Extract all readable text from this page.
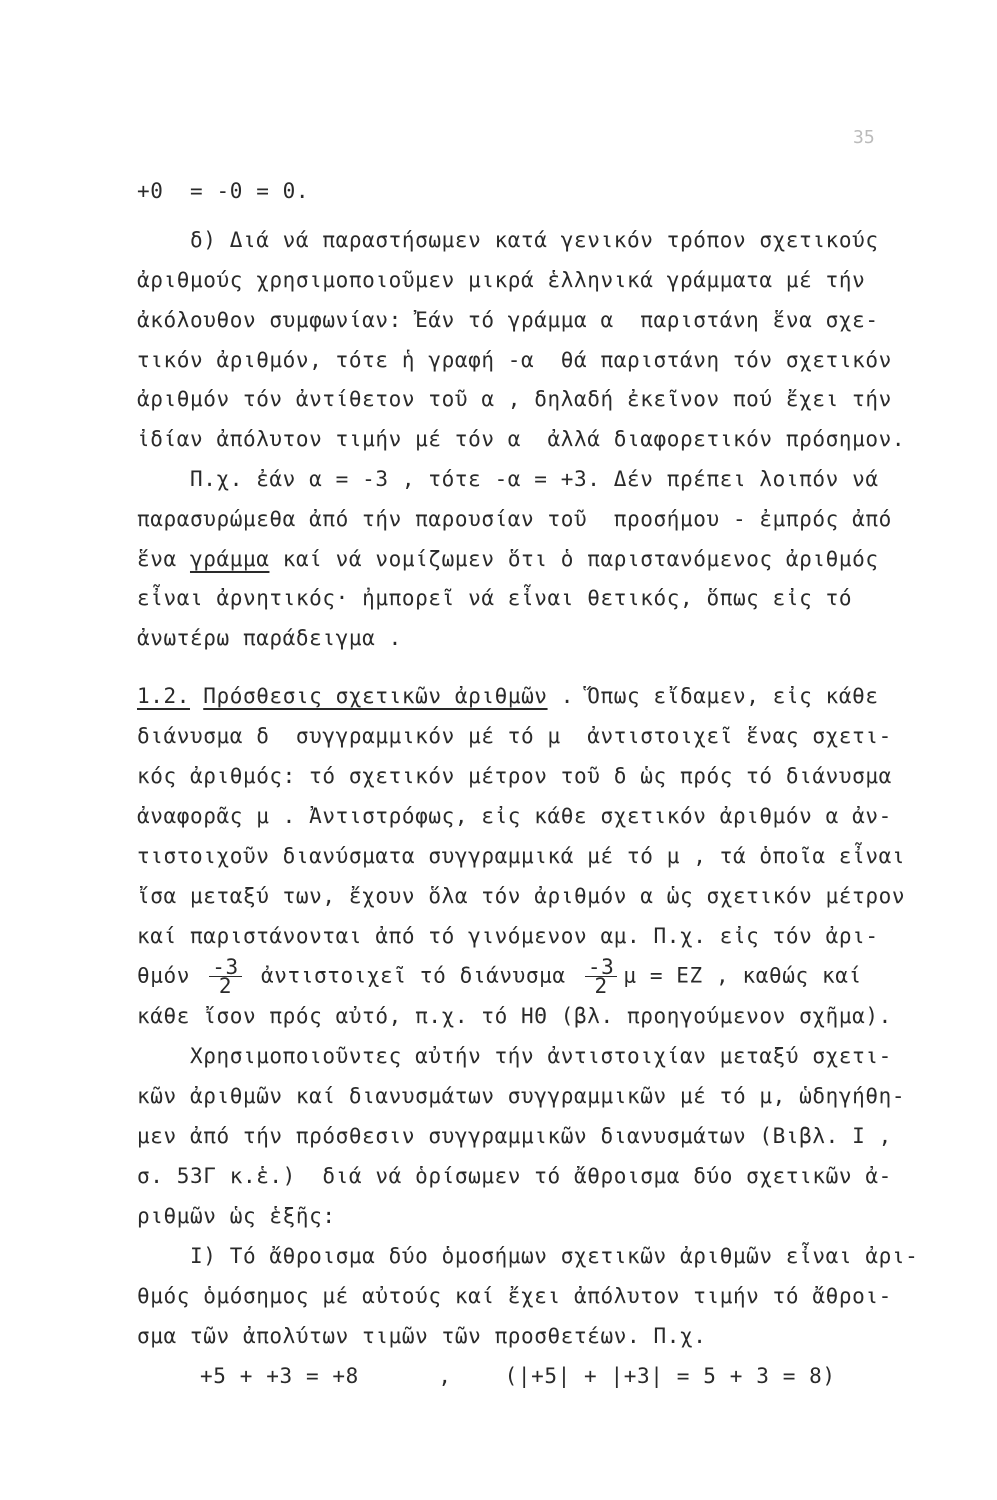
35
+0  = -0 = 0.
δ) Διά νά παραστήσωμεν κατά γενικόν τρόπον σχετικούς
ἀριθμούς χρησιμοποιοῦμεν μικρά ἑλληνικά γράμματα μέ τήν
ἀκόλουθον συμφωνίαν: Ἐάν τό γράμμα α  παριστάνη ἕνα σχε-
τικόν ἀριθμόν, τότε ἡ γραφή -α  θά παριστάνη τόν σχετικόν
ἀριθμόν τόν ἀντίθετον τοῦ α , δηλαδή ἐκεῖνον πού ἔχει τήν
ἰδίαν ἀπόλυτον τιμήν μέ τόν α  ἀλλά διαφορετικόν πρόσημον.
Π.χ. ἐάν α = -3 , τότε -α = +3. Δέν πρέπει λοιπόν νά
παρασυρώμεθα ἀπό τήν παρουσίαν τοῦ  προσήμου - ἐμπρός ἀπό
ἕνα γράμμα καί νά νομίζωμεν ὅτι ὁ παριστανόμενος ἀριθμός
εἶναι ἀρνητικός· ἠμπορεῖ νά εἶναι θετικός, ὅπως εἰς τό
ἀνωτέρω παράδειγμα .
1.2. Πρόσθεσις σχετικῶν ἀριθμῶν . Ὅπως εἴδαμεν, εἰς κάθε
διάνυσμα δ  συγγραμμικόν μέ τό μ  ἀντιστοιχεῖ ἕνας σχετι-
κός ἀριθμός: τό σχετικόν μέτρον τοῦ δ ὡς πρός τό διάνυσμα
ἀναφορᾶς μ . Ἀντιστρόφως, εἰς κάθε σχετικόν ἀριθμόν α ἀν-
τιστοιχοῦν διανύσματα συγγραμμικά μέ τό μ , τά ὁποῖα εἶναι
ἴσα μεταξύ των, ἔχουν ὅλα τόν ἀριθμόν α ὡς σχετικόν μέτρον
καί παριστάνονται ἀπό τό γινόμενον αμ. Π.χ. εἰς τόν ἀρι-
θμόν $\frac{-3}{2}$ ἀντιστοιχεῖ τό διάνυσμα $\frac{-3}{2}$ μ = ΕΖ , καθώς καί
κάθε ἴσον πρός αὐτό, π.χ. τό ΗΘ (βλ. προηγούμενον σχῆμα).
Χρησιμοποιοῦντες αὐτήν τήν ἀντιστοιχίαν μεταξύ σχετι-
κῶν ἀριθμῶν καί διανυσμάτων συγγραμμικῶν μέ τό μ, ὡδηγήθη-
μεν ἀπό τήν πρόσθεσιν συγγραμμικῶν διανυσμάτων (Βιβλ. Ι ,
σ. 53Γ κ.ἑ.)  διά νά ὁρίσωμεν τό ἄθροισμα δύο σχετικῶν ἀ-
ριθμῶν ὡς ἑξῆς:
Ι) Τό ἄθροισμα δύο ὁμοσήμων σχετικῶν ἀριθμῶν εἶναι ἀρι-
θμός ὁμόσημος μέ αὐτούς καί ἔχει ἀπόλυτον τιμήν τό ἄθροι-
σμα τῶν ἀπολύτων τιμῶν τῶν προσθετέων. Π.χ.
+5 + +3 = +8      ,    (|+5| + |+3| = 5 + 3 = 8)
